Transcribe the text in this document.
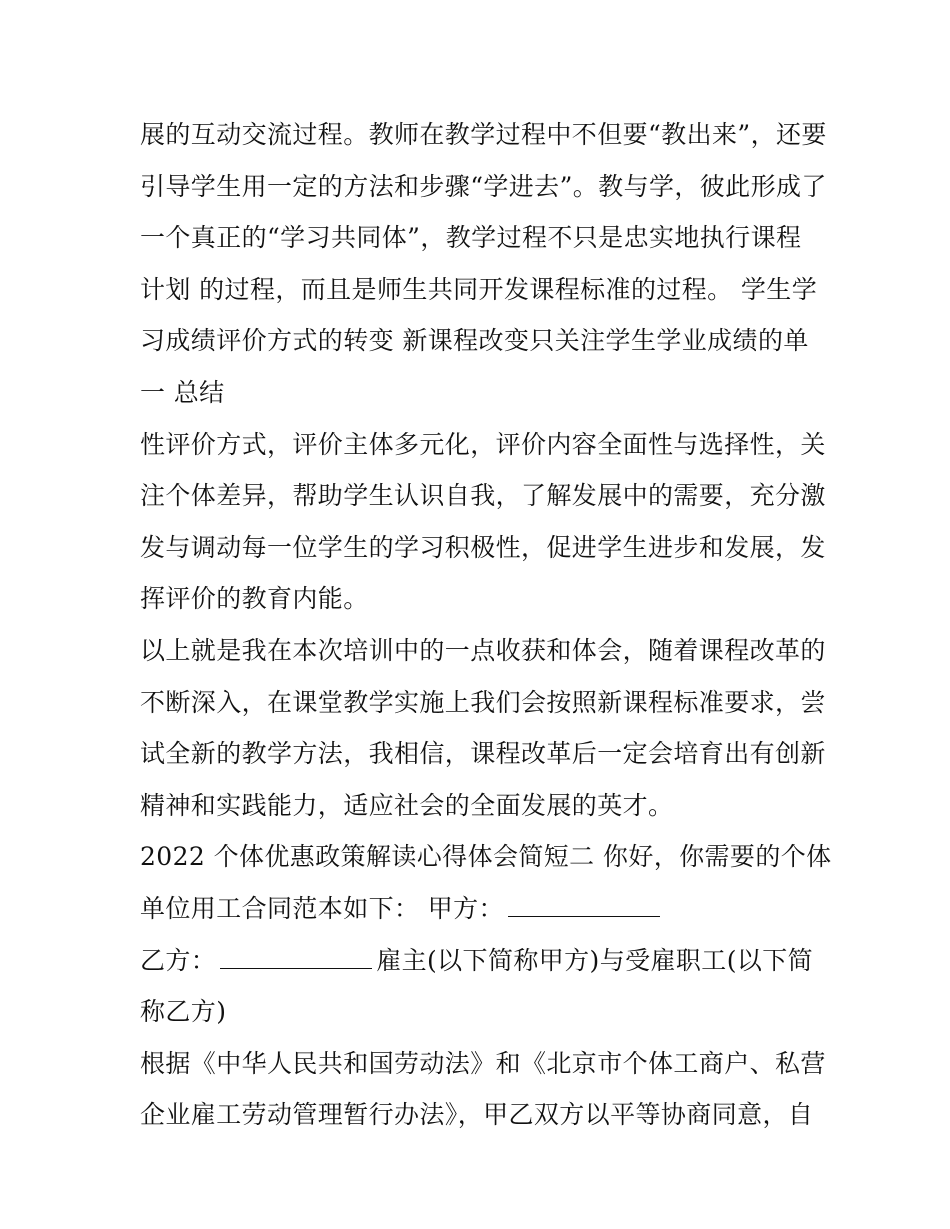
展的互动交流过程。教师在教学过程中不但要“教出来”，还要
引导学生用一定的方法和步骤“学进去”。教与学，彼此形成了
一个真正的“学习共同体”，教学过程不只是忠实地执行课程
计划 的过程，而且是师生共同开发课程标准的过程。 学生学
习成绩评价方式的转变 新课程改变只关注学生学业成绩的单
一 总结
性评价方式，评价主体多元化，评价内容全面性与选择性，关
注个体差异，帮助学生认识自我，了解发展中的需要，充分激
发与调动每一位学生的学习积极性，促进学生进步和发展，发
挥评价的教育内能。
以上就是我在本次培训中的一点收获和体会，随着课程改革的
不断深入，在课堂教学实施上我们会按照新课程标准要求，尝
试全新的教学方法，我相信，课程改革后一定会培育出有创新
精神和实践能力，适应社会的全面发展的英才。
2022 个体优惠政策解读心得体会简短二 你好，你需要的个体
单位用工合同范本如下： 甲方：
乙方：	雇主(以下简称甲方)与受雇职工(以下简
称乙方)
根据《中华人民共和国劳动法》和《北京市个体工商户、私营
企业雇工劳动管理暂行办法》，甲乙双方以平等协商同意，自
